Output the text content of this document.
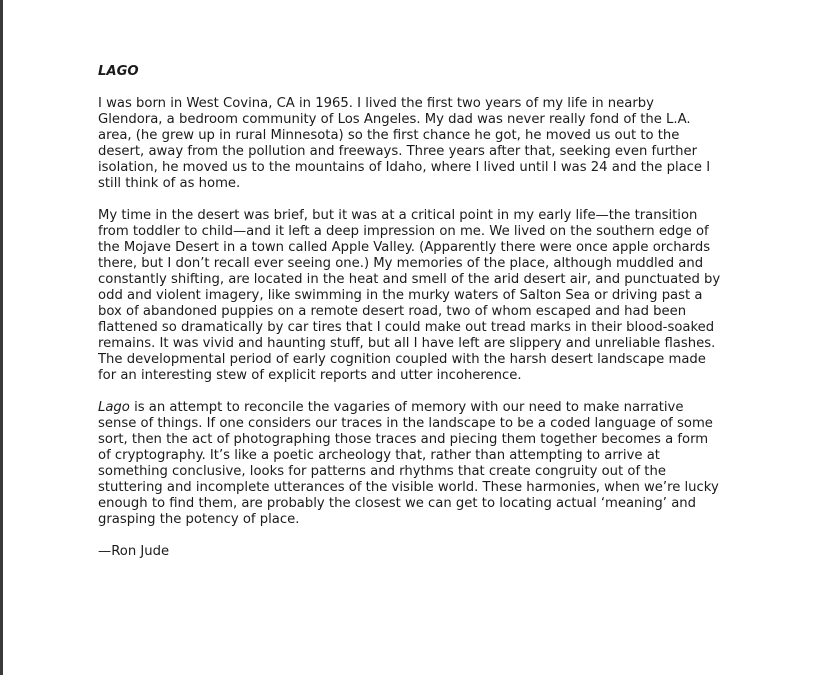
LAGO
I was born in West Covina, CA in 1965. I lived the first two years of my life in nearby
Glendora, a bedroom community of Los Angeles. My dad was never really fond of the L.A.
area, (he grew up in rural Minnesota) so the first chance he got, he moved us out to the
desert, away from the pollution and freeways. Three years after that, seeking even further
isolation, he moved us to the mountains of Idaho, where I lived until I was 24 and the place I
still think of as home.
My time in the desert was brief, but it was at a critical point in my early life—the transition
from toddler to child—and it left a deep impression on me. We lived on the southern edge of
the Mojave Desert in a town called Apple Valley. (Apparently there were once apple orchards
there, but I don’t recall ever seeing one.) My memories of the place, although muddled and
constantly shifting, are located in the heat and smell of the arid desert air, and punctuated by
odd and violent imagery, like swimming in the murky waters of Salton Sea or driving past a
box of abandoned puppies on a remote desert road, two of whom escaped and had been
flattened so dramatically by car tires that I could make out tread marks in their blood-soaked
remains. It was vivid and haunting stuff, but all I have left are slippery and unreliable flashes.
The developmental period of early cognition coupled with the harsh desert landscape made
for an interesting stew of explicit reports and utter incoherence.
Lago is an attempt to reconcile the vagaries of memory with our need to make narrative
sense of things. If one considers our traces in the landscape to be a coded language of some
sort, then the act of photographing those traces and piecing them together becomes a form
of cryptography. It’s like a poetic archeology that, rather than attempting to arrive at
something conclusive, looks for patterns and rhythms that create congruity out of the
stuttering and incomplete utterances of the visible world. These harmonies, when we’re lucky
enough to find them, are probably the closest we can get to locating actual ‘meaning’ and
grasping the potency of place.
—Ron Jude
